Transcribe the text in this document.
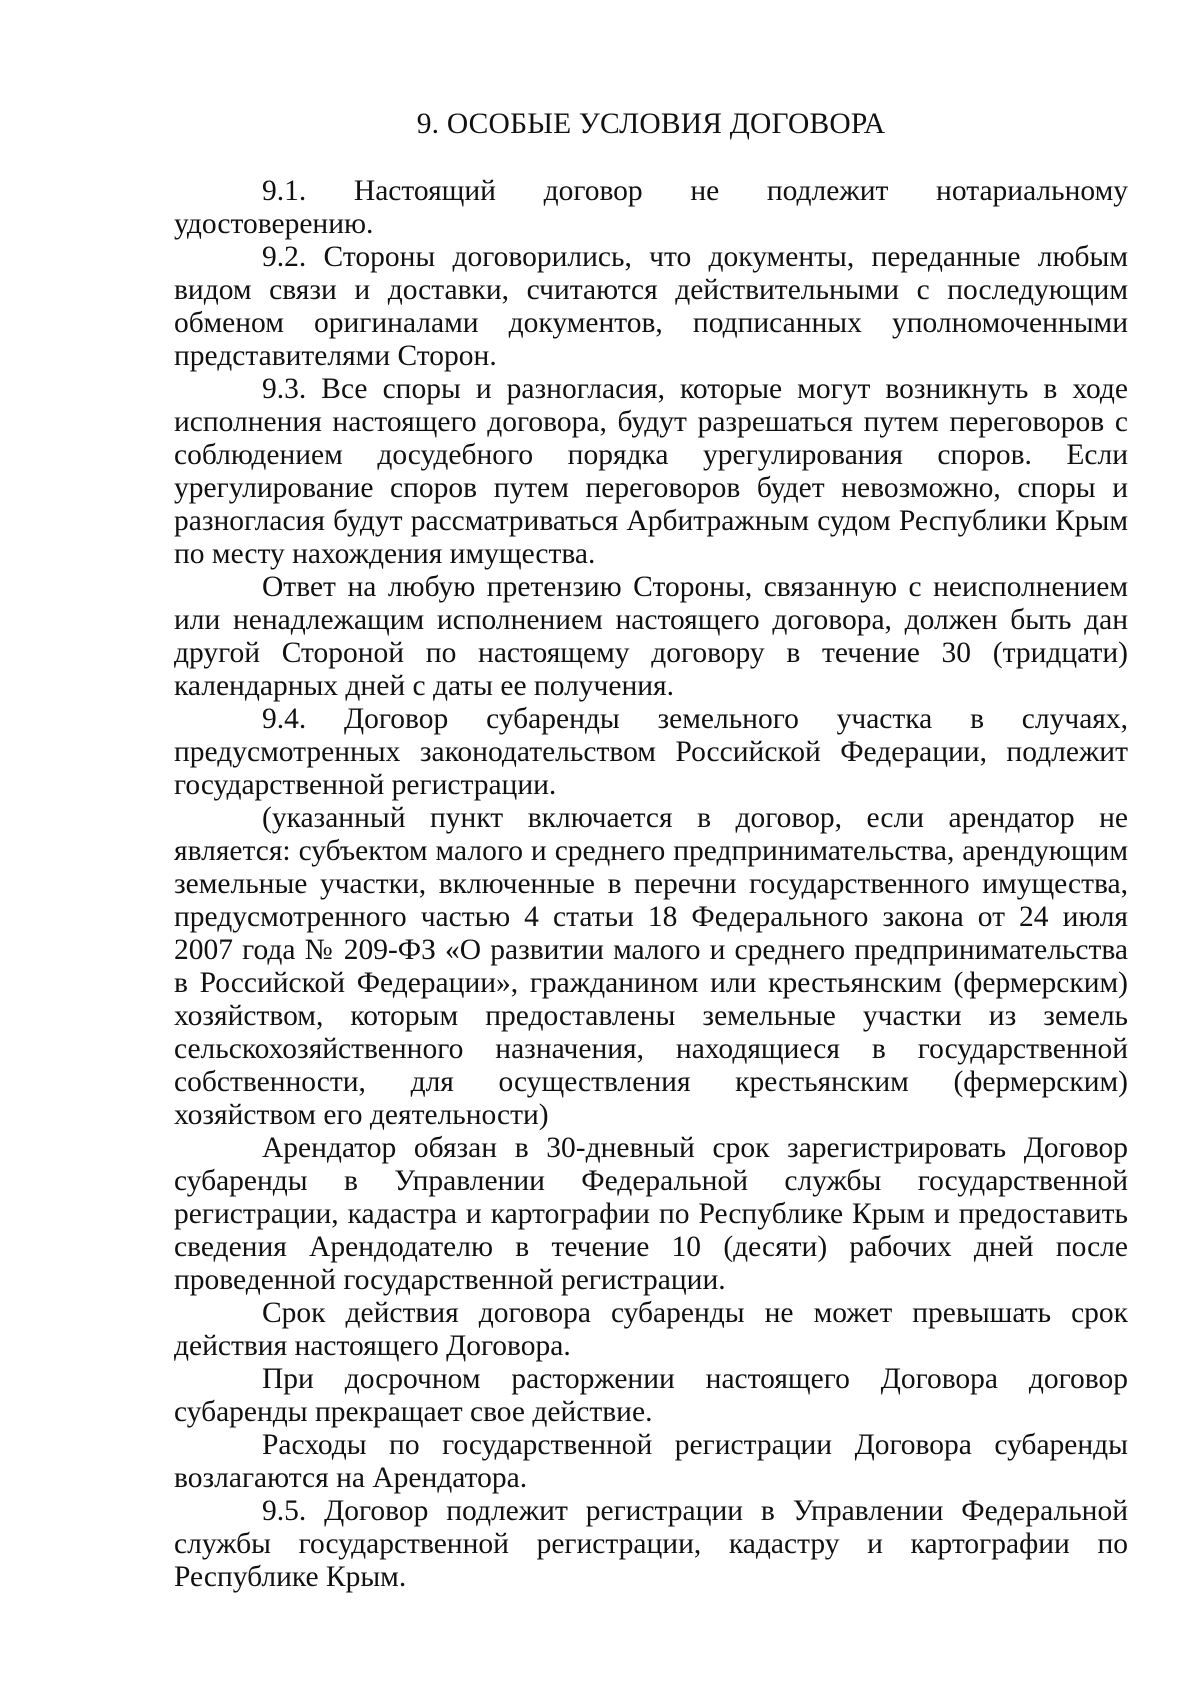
9. ОСОБЫЕ УСЛОВИЯ ДОГОВОРА

9.1. Настоящий договор не подлежит нотариальному удостоверению.

9.2. Стороны договорились, что документы, переданные любым видом связи и доставки, считаются действительными с последующим обменом оригиналами документов, подписанных уполномоченными представителями Сторон.

9.3. Все споры и разногласия, которые могут возникнуть в ходе исполнения настоящего договора, будут разрешаться путем переговоров с соблюдением досудебного порядка урегулирования споров. Если урегулирование споров путем переговоров будет невозможно, споры и разногласия будут рассматриваться Арбитражным судом Республики Крым по месту нахождения имущества.

Ответ на любую претензию Стороны, связанную с неисполнением или ненадлежащим исполнением настоящего договора, должен быть дан другой Стороной по настоящему договору в течение 30 (тридцати) календарных дней с даты ее получения.

9.4. Договор субаренды земельного участка в случаях, предусмотренных законодательством Российской Федерации, подлежит государственной регистрации.

(указанный пункт включается в договор, если арендатор не является: субъектом малого и среднего предпринимательства, арендующим земельные участки, включенные в перечни государственного имущества, предусмотренного частью 4 статьи 18 Федерального закона от 24 июля 2007 года № 209-ФЗ «О развитии малого и среднего предпринимательства в Российской Федерации», гражданином или крестьянским (фермерским) хозяйством, которым предоставлены земельные участки из земель сельскохозяйственного назначения, находящиеся в государственной собственности, для осуществления крестьянским (фермерским) хозяйством его деятельности)

Арендатор обязан в 30-дневный срок зарегистрировать Договор субаренды в Управлении Федеральной службы государственной регистрации, кадастра и картографии по Республике Крым и предоставить сведения Арендодателю в течение 10 (десяти) рабочих дней после проведенной государственной регистрации.

Срок действия договора субаренды не может превышать срок действия настоящего Договора.

При досрочном расторжении настоящего Договора договор субаренды прекращает свое действие.

Расходы по государственной регистрации Договора субаренды возлагаются на Арендатора.

9.5. Договор подлежит регистрации в Управлении Федеральной службы государственной регистрации, кадастру и картографии по Республике Крым.
